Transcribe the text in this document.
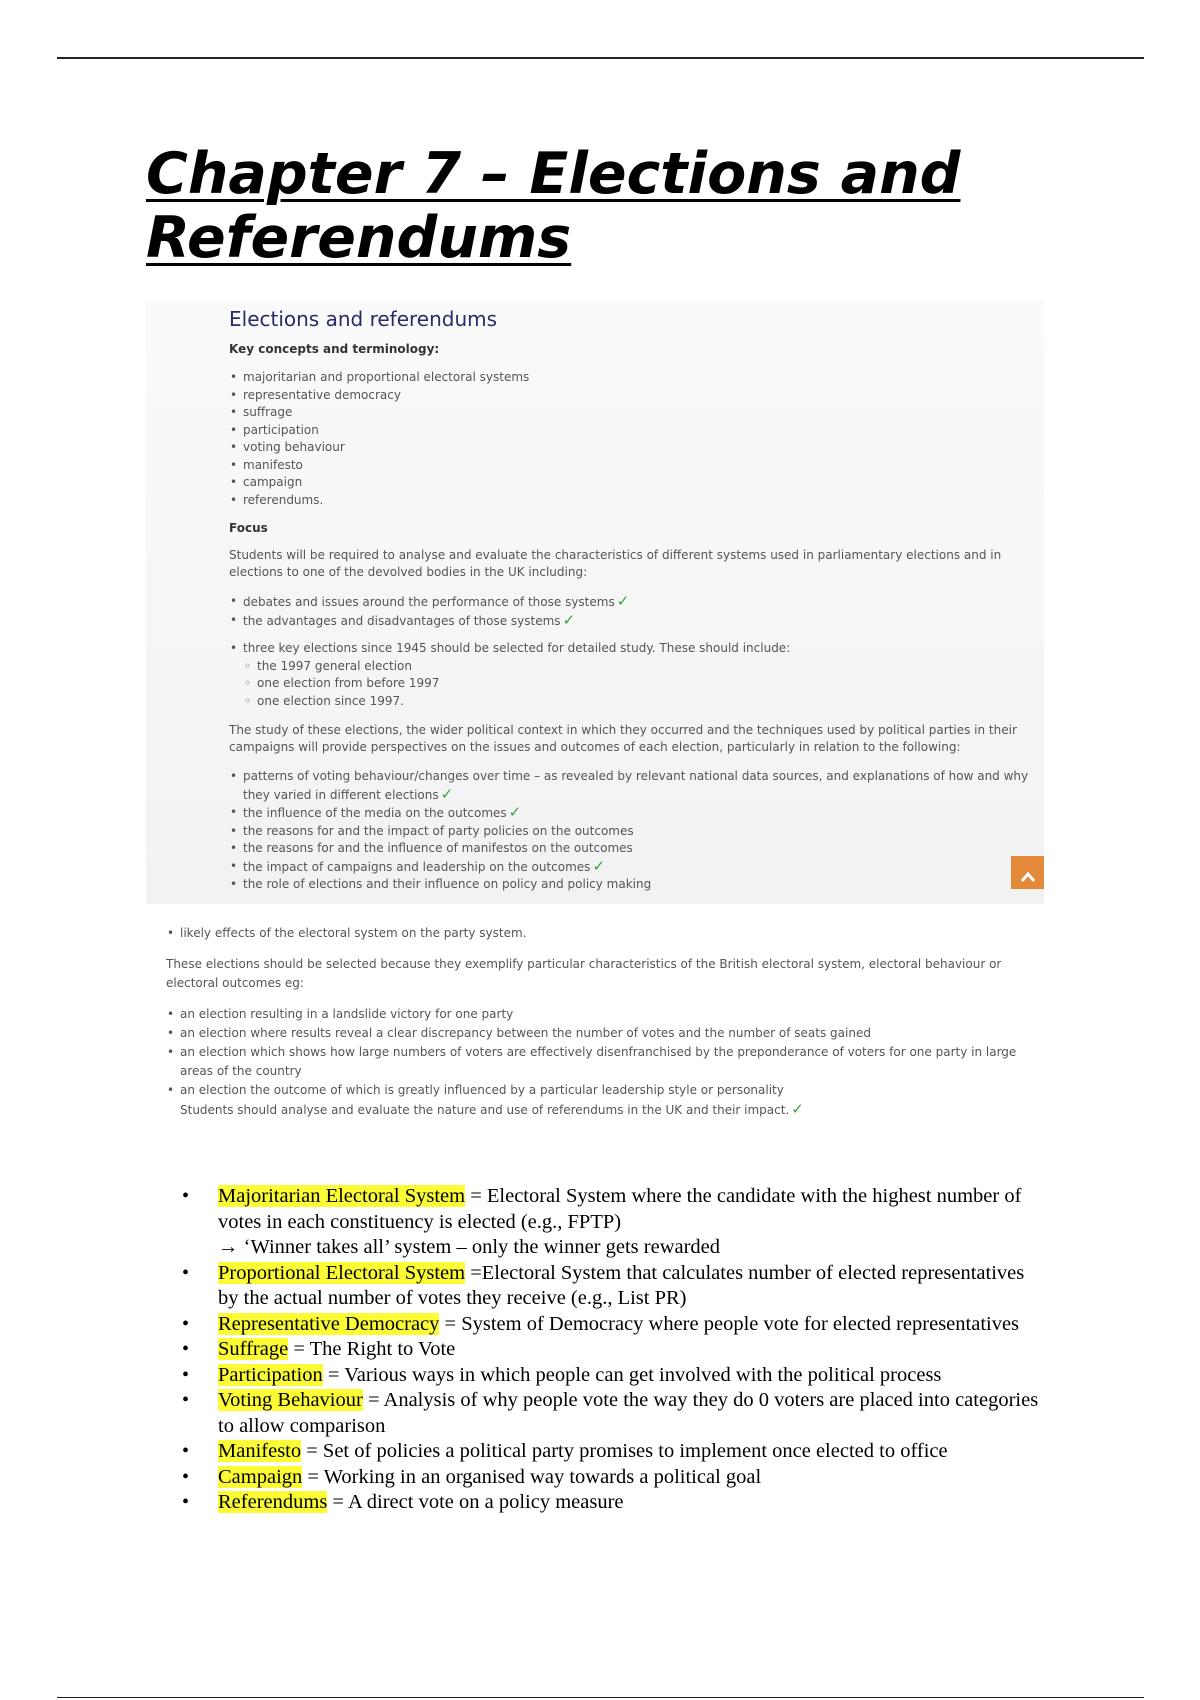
Chapter 7 – Elections and Referendums
Elections and referendums
Key concepts and terminology:
• majoritarian and proportional electoral systems
• representative democracy
• suffrage
• participation
• voting behaviour
• manifesto
• campaign
• referendums.
Focus

Students will be required to analyse and evaluate the characteristics of different systems used in parliamentary elections and in elections to one of the devolved bodies in the UK including:

• debates and issues around the performance of those systems ✓
• the advantages and disadvantages of those systems ✓
• three key elections since 1945 should be selected for detailed study. These should include:
◦ the 1997 general election
◦ one election from before 1997
◦ one election since 1997.

The study of these elections, the wider political context in which they occurred and the techniques used by political parties in their campaigns will provide perspectives on the issues and outcomes of each election, particularly in relation to the following:

• patterns of voting behaviour/changes over time – as revealed by relevant national data sources, and explanations of how and why they varied in different elections ✓
• the influence of the media on the outcomes ✓
• the reasons for and the impact of party policies on the outcomes
• the reasons for and the influence of manifestos on the outcomes
• the impact of campaigns and leadership on the outcomes ✓
• the role of elections and their influence on policy and policy making
• likely effects of the electoral system on the party system.

These elections should be selected because they exemplify particular characteristics of the British electoral system, electoral behaviour or electoral outcomes eg:

• an election resulting in a landslide victory for one party
• an election where results reveal a clear discrepancy between the number of votes and the number of seats gained
• an election which shows how large numbers of voters are effectively disenfranchised by the preponderance of voters for one party in large areas of the country
• an election the outcome of which is greatly influenced by a particular leadership style or personality
Students should analyse and evaluate the nature and use of referendums in the UK and their impact. ✓
• Majoritarian Electoral System = Electoral System where the candidate with the highest number of votes in each constituency is elected (e.g., FPTP)
→ ‘Winner takes all’ system – only the winner gets rewarded
• Proportional Electoral System =Electoral System that calculates number of elected representatives by the actual number of votes they receive (e.g., List PR)
• Representative Democracy = System of Democracy where people vote for elected representatives
• Suffrage = The Right to Vote
• Participation = Various ways in which people can get involved with the political process
• Voting Behaviour = Analysis of why people vote the way they do 0 voters are placed into categories to allow comparison
• Manifesto = Set of policies a political party promises to implement once elected to office
• Campaign = Working in an organised way towards a political goal
• Referendums = A direct vote on a policy measure
